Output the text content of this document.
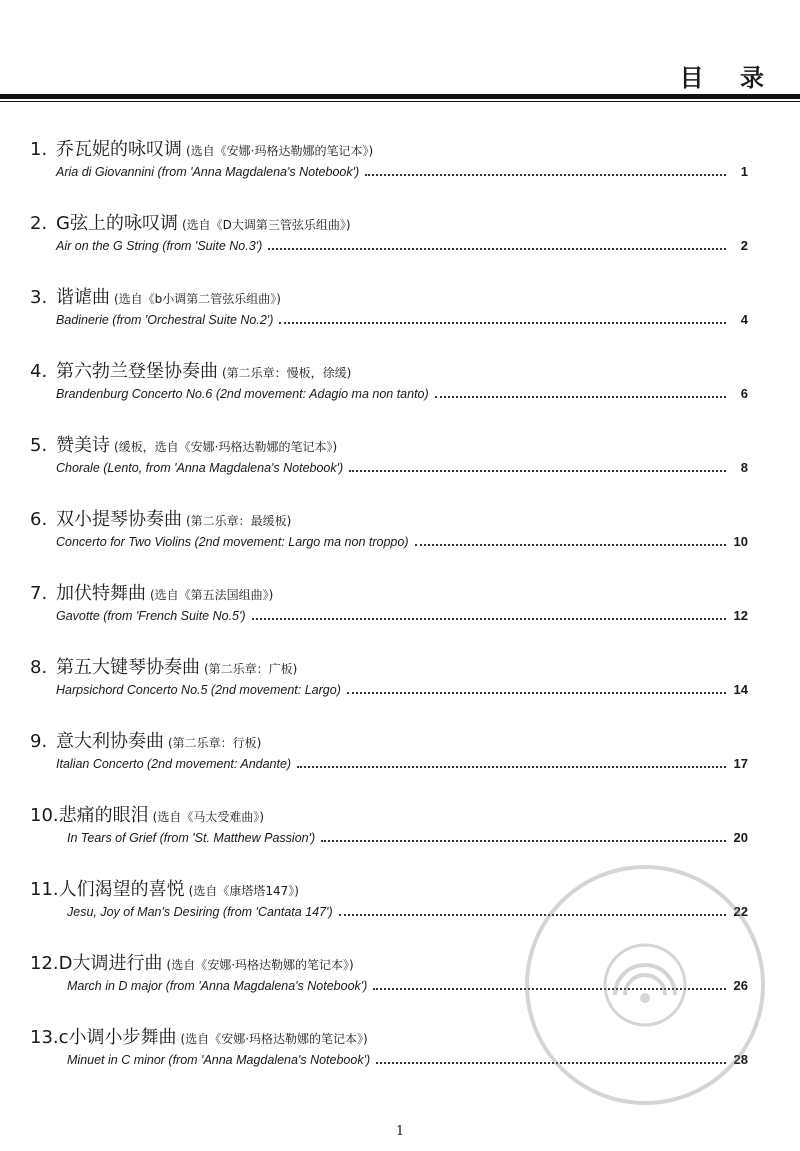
目 录
1. 乔瓦妮的咏叹调 (选自《安娜·玛格达勒娜的笔记本》)
Aria di Giovannini (from 'Anna Magdalena's Notebook')	1
2. G弦上的咏叹调 (选自《D大调第三管弦乐组曲》)
Air on the G String (from 'Suite No.3')	2
3. 谐谑曲 (选自《b小调第二管弦乐组曲》)
Badinerie (from 'Orchestral Suite No.2')	4
4. 第六勃兰登堡协奏曲 (第二乐章：慢板，徐缓)
Brandenburg Concerto No.6 (2nd movement: Adagio ma non tanto)	6
5. 赞美诗 (缓板，选自《安娜·玛格达勒娜的笔记本》)
Chorale (Lento, from 'Anna Magdalena's Notebook')	8
6. 双小提琴协奏曲 (第二乐章：最缓板)
Concerto for Two Violins (2nd movement: Largo ma non troppo)	10
7. 加伏特舞曲 (选自《第五法国组曲》)
Gavotte (from 'French Suite No.5')	12
8. 第五大键琴协奏曲 (第二乐章：广板)
Harpsichord Concerto No.5 (2nd movement: Largo)	14
9. 意大利协奏曲 (第二乐章：行板)
Italian Concerto (2nd movement: Andante)	17
10.悲痛的眼泪 (选自《马太受难曲》)
In Tears of Grief (from 'St. Matthew Passion')	20
11.人们渴望的喜悦 (选自《康塔塔147》)
Jesu, Joy of Man's Desiring (from 'Cantata 147')	22
12.D大调进行曲 (选自《安娜·玛格达勒娜的笔记本》)
March in D major (from 'Anna Magdalena's Notebook')	26
13.c小调小步舞曲 (选自《安娜·玛格达勒娜的笔记本》)
Minuet in C minor (from 'Anna Magdalena's Notebook')	28
1
